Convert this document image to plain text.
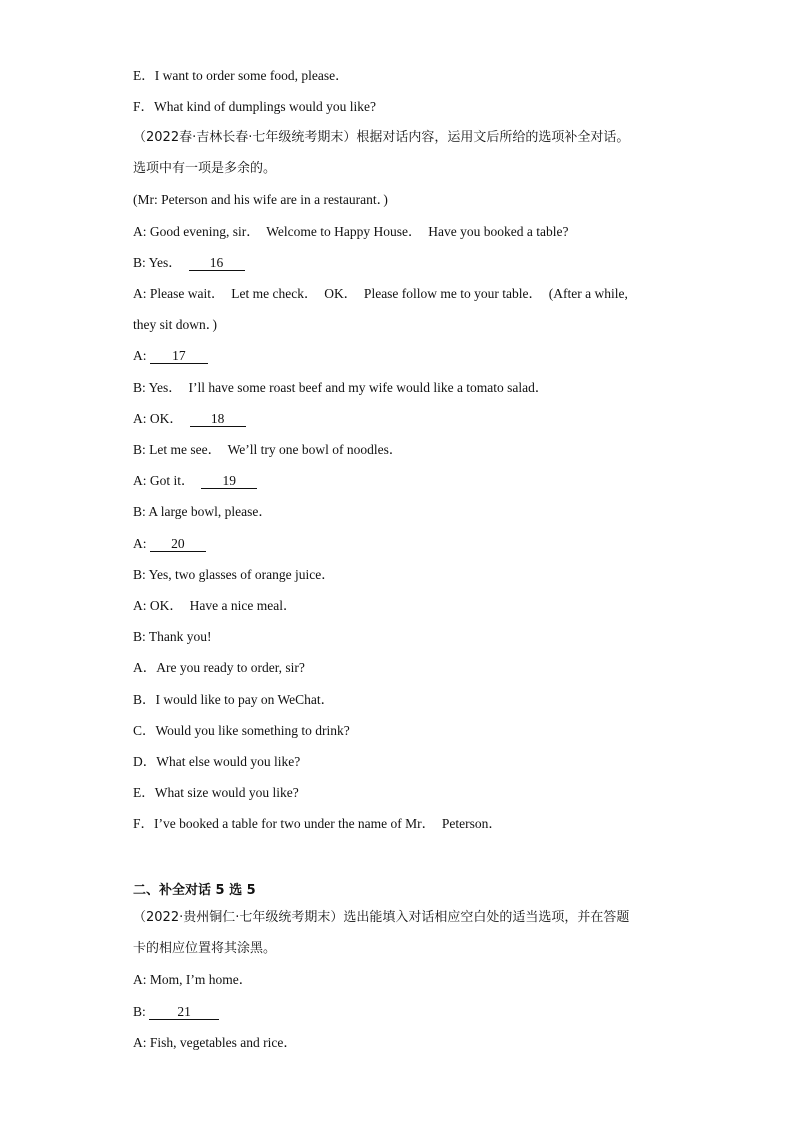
E．I want to order some food, please．
F．What kind of dumplings would you like?
（2022春·吉林长春·七年级统考期末）根据对话内容，运用文后所给的选项补全对话。
选项中有一项是多余的。
(Mr: Peterson and his wife are in a restaurant．)
A: Good evening, sir．  Welcome to Happy House．  Have you booked a table?
B: Yes．  16
A: Please wait．  Let me check．  OK．  Please follow me to your table．  (After a while,
they sit down．)
A: 17
B: Yes．  I’ll have some roast beef and my wife would like a tomato salad．
A: OK．  18
B: Let me see．  We’ll try one bowl of noodles．
A: Got it．  19
B: A large bowl, please．
A: 20
B: Yes, two glasses of orange juice．
A: OK．  Have a nice meal．
B: Thank you!
A．Are you ready to order, sir?
B．I would like to pay on WeChat．
C．Would you like something to drink?
D．What else would you like?
E．What size would you like?
F．I’ve booked a table for two under the name of Mr．  Peterson．
二、补全对话 5 选 5
（2022·贵州铜仁·七年级统考期末）选出能填入对话相应空白处的适当选项，并在答题
卡的相应位置将其涂黑。
A: Mom, I’m home．
B: 21
A: Fish, vegetables and rice．
